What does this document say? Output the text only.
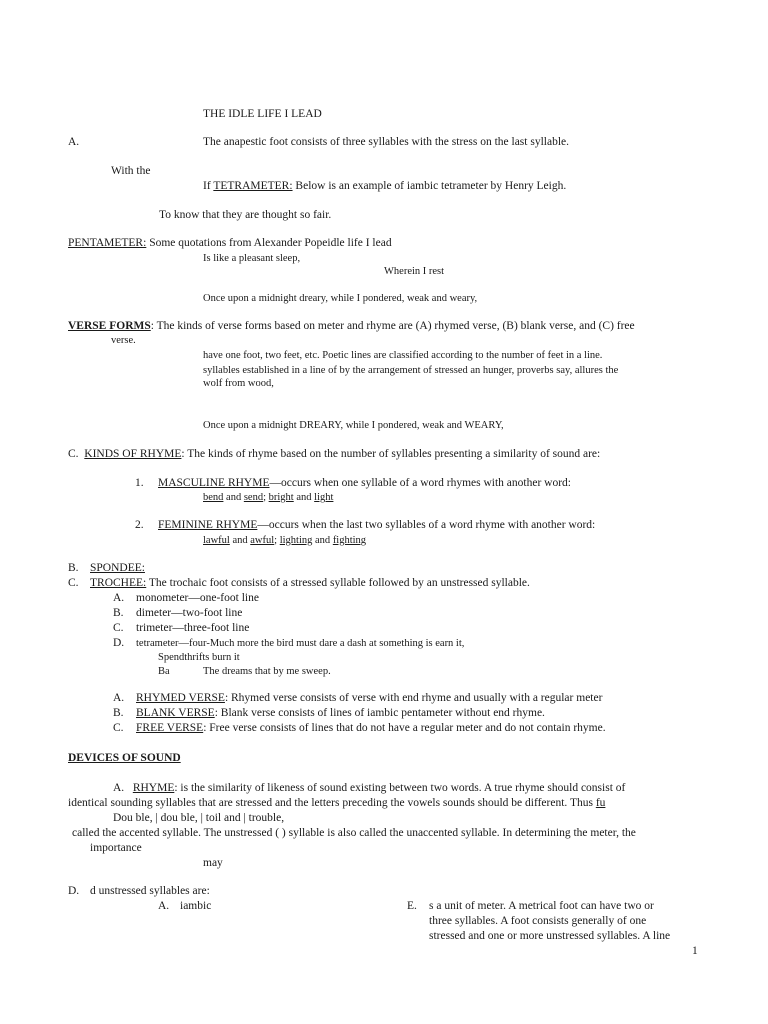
THE IDLE LIFE I LEAD
A.	The anapestic foot consists of three syllables with the stress on the last syllable.
With the
If TETRAMETER: Below is an example of iambic tetrameter by Henry Leigh.
To know that they are thought so fair.
PENTAMETER: Some quotations from Alexander Popeidle life I lead
Is like a pleasant sleep,
Wherein I rest
Once upon a midnight dreary, while I pondered, weak and weary,
VERSE FORMS: The kinds of verse forms based on meter and rhyme are (A) rhymed verse, (B) blank verse, and (C) free
verse.
have one foot, two feet, etc. Poetic lines are classified according to the number of feet in a line.
syllables established in a line of by the arrangement of stressed an hunger, proverbs say, allures the
wolf from wood,
Once upon a midnight DREARY, while I pondered, weak and WEARY,
C. KINDS OF RHYME: The kinds of rhyme based on the number of syllables presenting a similarity of sound are:
1. MASCULINE RHYME—occurs when one syllable of a word rhymes with another word:
bend and send; bright and light
2. FEMININE RHYME—occurs when the last two syllables of a word rhyme with another word:
lawful and awful; lighting and fighting
B. SPONDEE:
C. TROCHEE: The trochaic foot consists of a stressed syllable followed by an unstressed syllable.
A. monometer—one-foot line
B. dimeter—two-foot line
C. trimeter—three-foot line
D. tetrameter—four-Much more the bird must dare a dash at something is earn it,
Spendthrifts burn it
Ba	The dreams that by me sweep.
A. RHYMED VERSE: Rhymed verse consists of verse with end rhyme and usually with a regular meter
B. BLANK VERSE: Blank verse consists of lines of iambic pentameter without end rhyme.
C. FREE VERSE: Free verse consists of lines that do not have a regular meter and do not contain rhyme.
DEVICES OF SOUND
A. RHYME: is the similarity of likeness of sound existing between two words. A true rhyme should consist of
identical sounding syllables that are stressed and the letters preceding the vowels sounds should be different. Thus fu
Dou ble, | dou ble, | toil and | trouble,
called the accented syllable. The unstressed ( ) syllable is also called the unaccented syllable. In determining the meter, the
importance
may
D. d unstressed syllables are:
A. iambic	E. s a unit of meter. A metrical foot can have two or
three syllables. A foot consists generally of one
stressed and one or more unstressed syllables. A line
1
